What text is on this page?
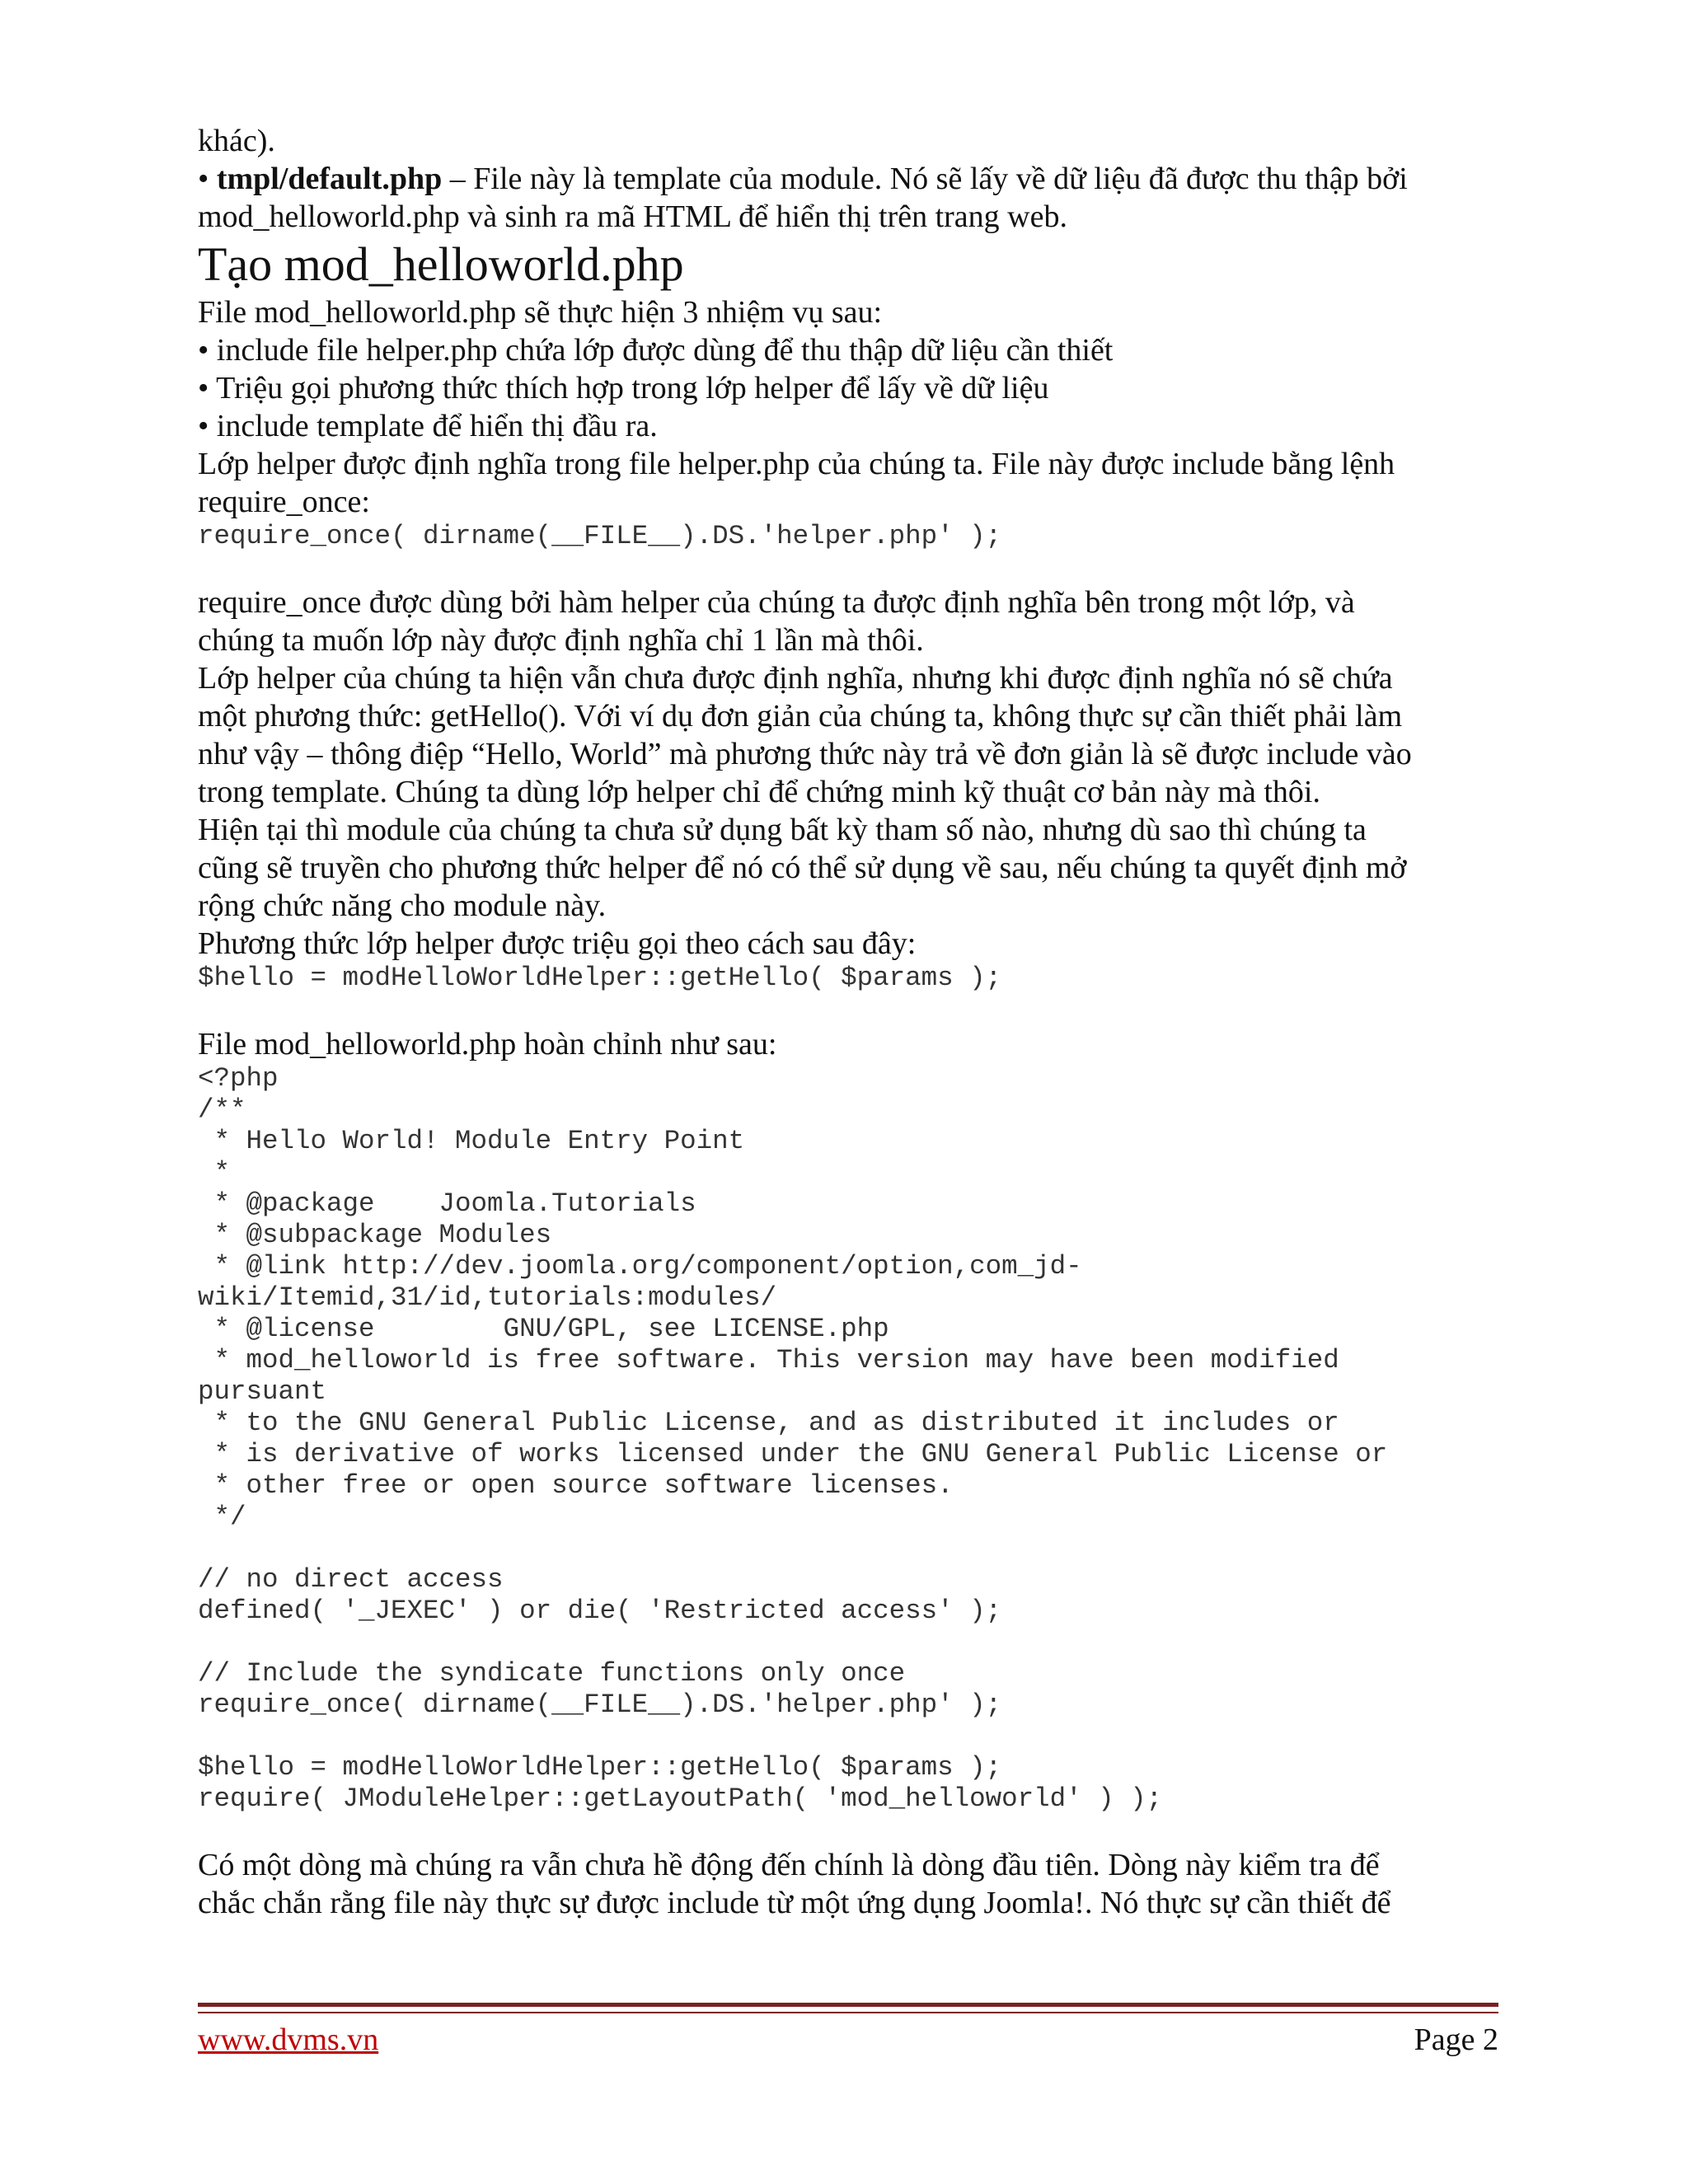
khác).

• tmpl/default.php – File này là template của module. Nó sẽ lấy về dữ liệu đã được thu thập bởi

mod_helloworld.php và sinh ra mã HTML để hiển thị trên trang web.

Tạo mod_helloworld.php

File mod_helloworld.php sẽ thực hiện 3 nhiệm vụ sau:

• include file helper.php chứa lớp được dùng để thu thập dữ liệu cần thiết

• Triệu gọi phương thức thích hợp trong lớp helper để lấy về dữ liệu

• include template để hiển thị đầu ra.

Lớp helper được định nghĩa trong file helper.php của chúng ta. File này được include bằng lệnh

require_once:

require_once( dirname(__FILE__).DS.'helper.php' );

require_once được dùng bởi hàm helper của chúng ta được định nghĩa bên trong một lớp, và

chúng ta muốn lớp này được định nghĩa chỉ 1 lần mà thôi.

Lớp helper của chúng ta hiện vẫn chưa được định nghĩa, nhưng khi được định nghĩa nó sẽ chứa

một phương thức: getHello(). Với ví dụ đơn giản của chúng ta, không thực sự cần thiết phải làm

như vậy – thông điệp “Hello, World” mà phương thức này trả về đơn giản là sẽ được include vào

trong template. Chúng ta dùng lớp helper chỉ để chứng minh kỹ thuật cơ bản này mà thôi.

Hiện tại thì module của chúng ta chưa sử dụng bất kỳ tham số nào, nhưng dù sao thì chúng ta

cũng sẽ truyền cho phương thức helper để nó có thể sử dụng về sau, nếu chúng ta quyết định mở

rộng chức năng cho module này.

Phương thức lớp helper được triệu gọi theo cách sau đây:

$hello = modHelloWorldHelper::getHello( $params );

File mod_helloworld.php hoàn chỉnh như sau:

<?php

/**

* Hello World! Module Entry Point

*

* @package    Joomla.Tutorials

* @subpackage Modules

* @link http://dev.joomla.org/component/option,com_jd-

wiki/Itemid,31/id,tutorials:modules/

* @license        GNU/GPL, see LICENSE.php

* mod_helloworld is free software. This version may have been modified

pursuant

* to the GNU General Public License, and as distributed it includes or

* is derivative of works licensed under the GNU General Public License or

* other free or open source software licenses.

*/

// no direct access

defined( '_JEXEC' ) or die( 'Restricted access' );

// Include the syndicate functions only once

require_once( dirname(__FILE__).DS.'helper.php' );

$hello = modHelloWorldHelper::getHello( $params );

require( JModuleHelper::getLayoutPath( 'mod_helloworld' ) );

Có một dòng mà chúng ra vẫn chưa hề động đến chính là dòng đầu tiên. Dòng này kiểm tra để

chắc chắn rằng file này thực sự được include từ một ứng dụng Joomla!. Nó thực sự cần thiết để

www.dvms.vn	Page 2
